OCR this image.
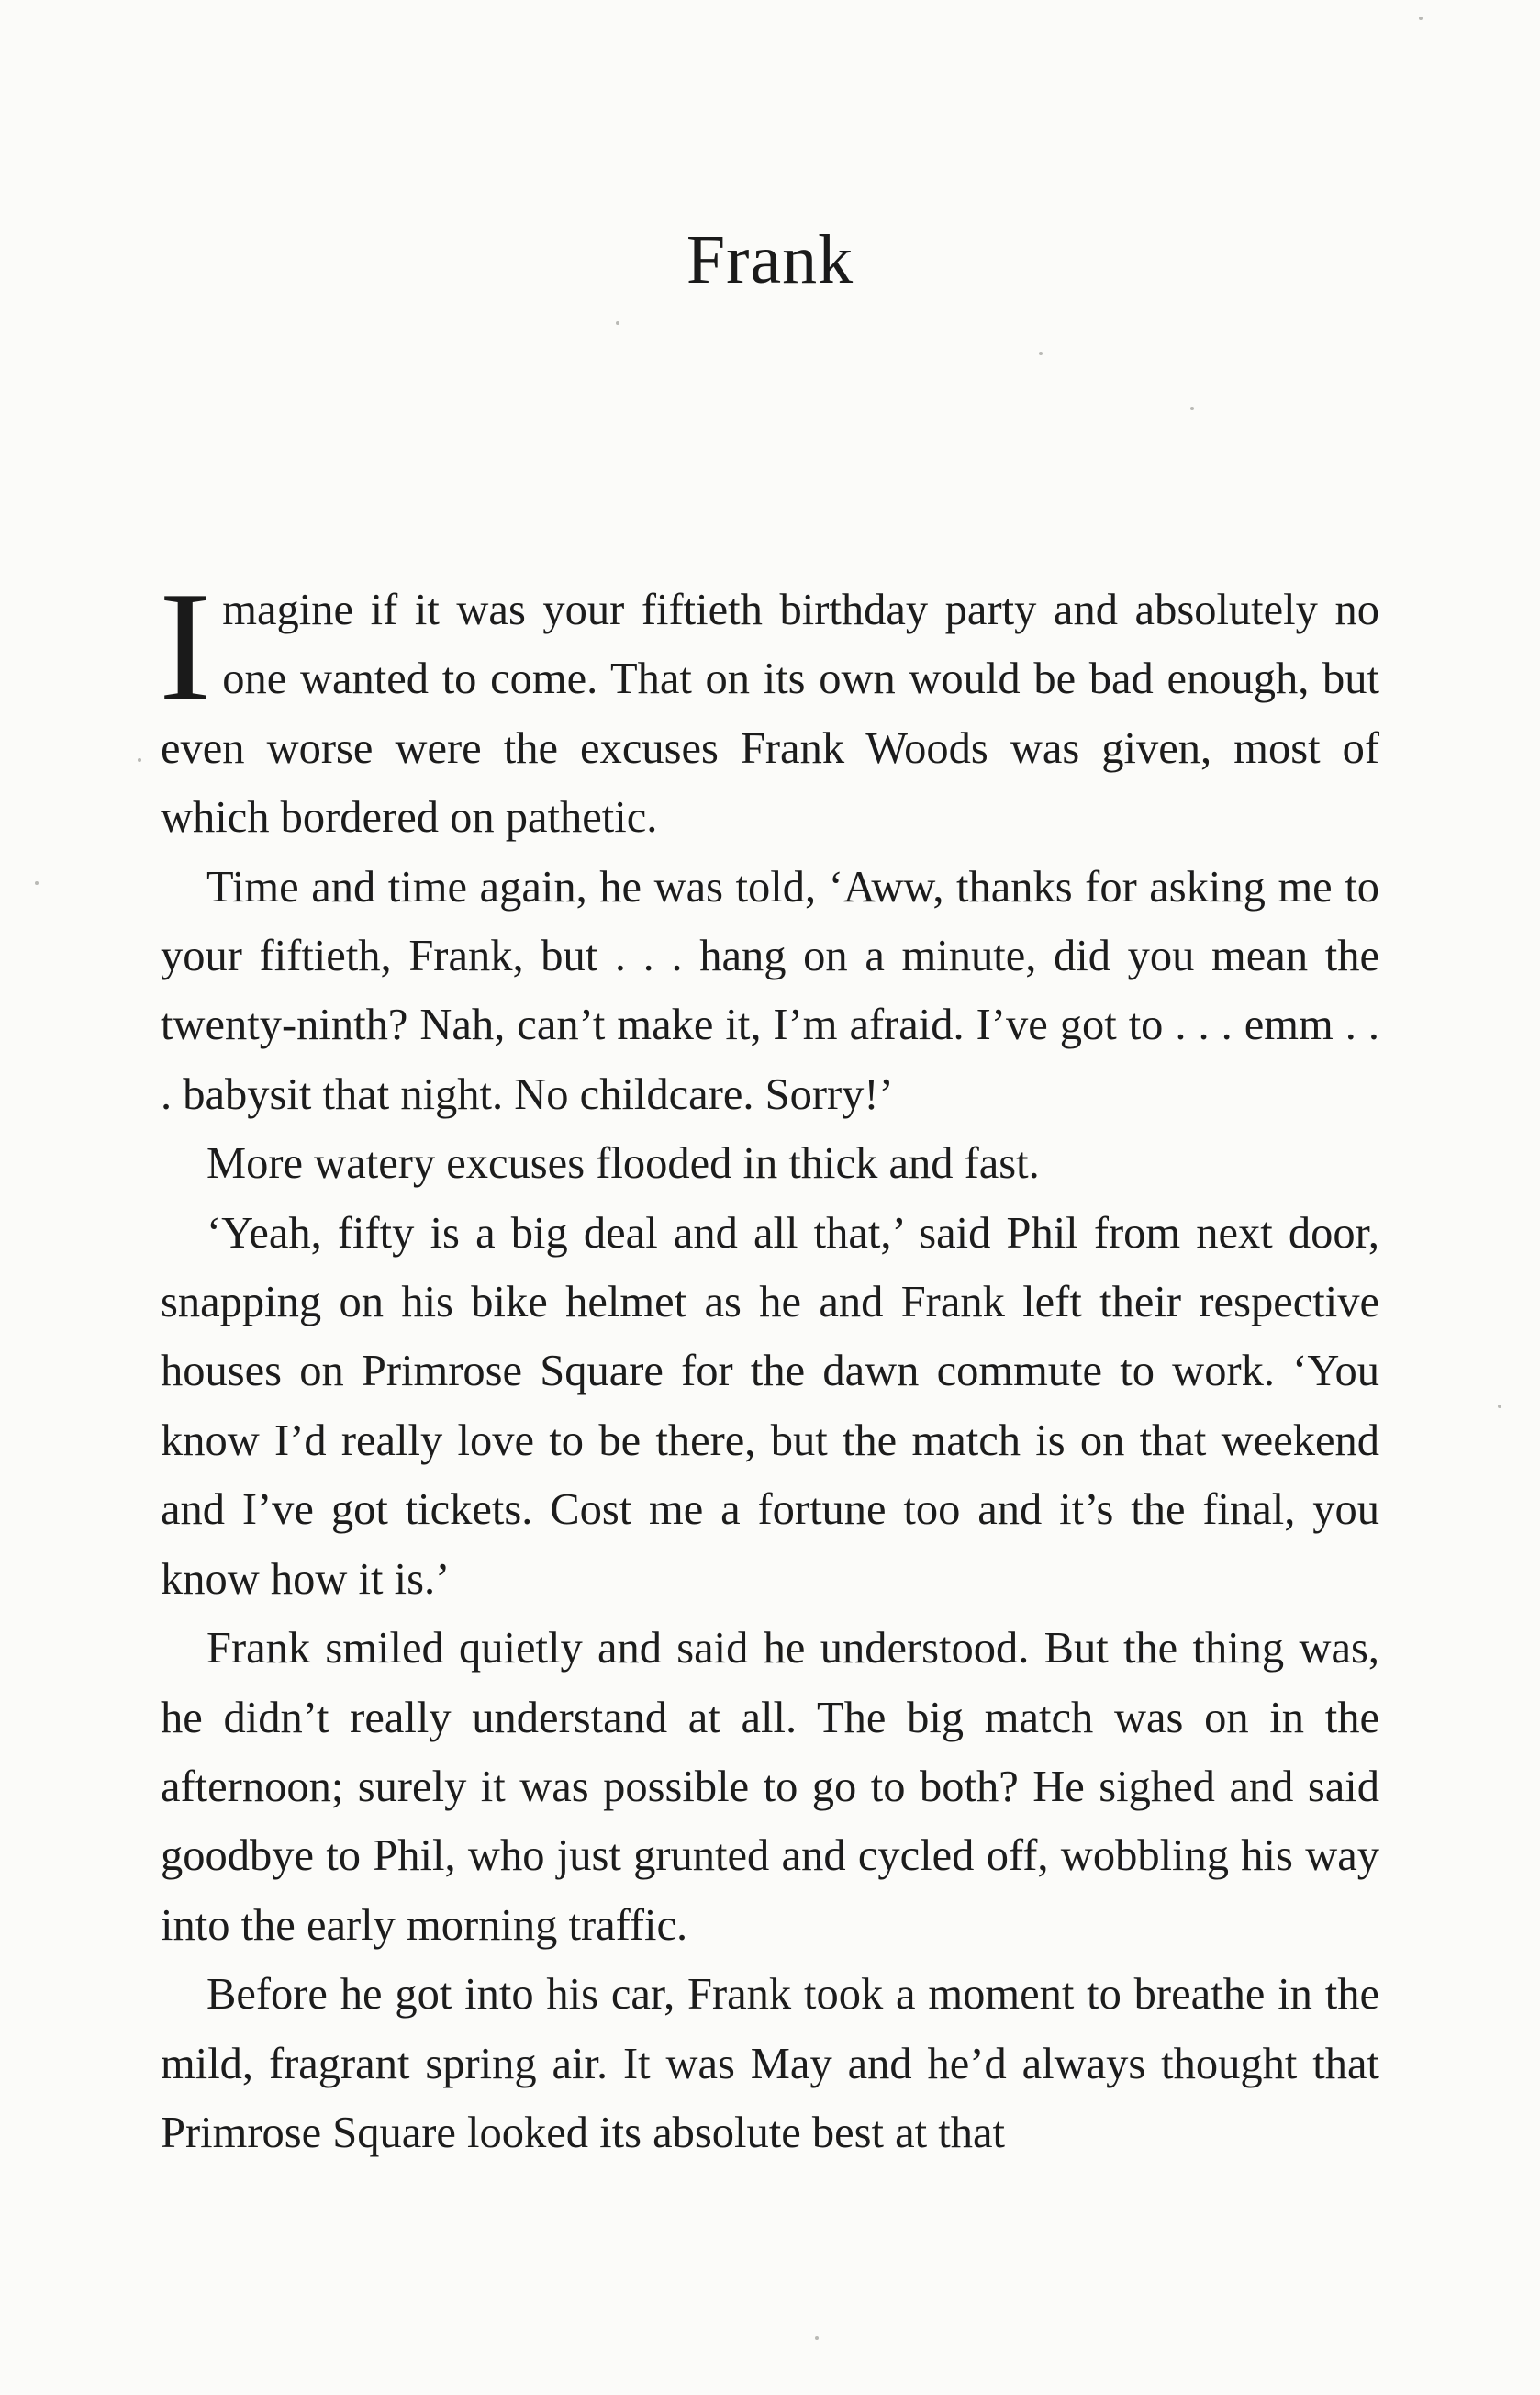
Frank

Imagine if it was your fiftieth birthday party and absolutely no one wanted to come. That on its own would be bad enough, but even worse were the excuses Frank Woods was given, most of which bordered on pathetic.

Time and time again, he was told, ‘Aww, thanks for asking me to your fiftieth, Frank, but . . . hang on a minute, did you mean the twenty-ninth? Nah, can’t make it, I’m afraid. I’ve got to . . . emm . . . babysit that night. No childcare. Sorry!’

More watery excuses flooded in thick and fast.

‘Yeah, fifty is a big deal and all that,’ said Phil from next door, snapping on his bike helmet as he and Frank left their respective houses on Primrose Square for the dawn commute to work. ‘You know I’d really love to be there, but the match is on that weekend and I’ve got tickets. Cost me a fortune too and it’s the final, you know how it is.’

Frank smiled quietly and said he understood. But the thing was, he didn’t really understand at all. The big match was on in the afternoon; surely it was possible to go to both? He sighed and said goodbye to Phil, who just grunted and cycled off, wobbling his way into the early morning traffic.

Before he got into his car, Frank took a moment to breathe in the mild, fragrant spring air. It was May and he’d always thought that Primrose Square looked its absolute best at that
